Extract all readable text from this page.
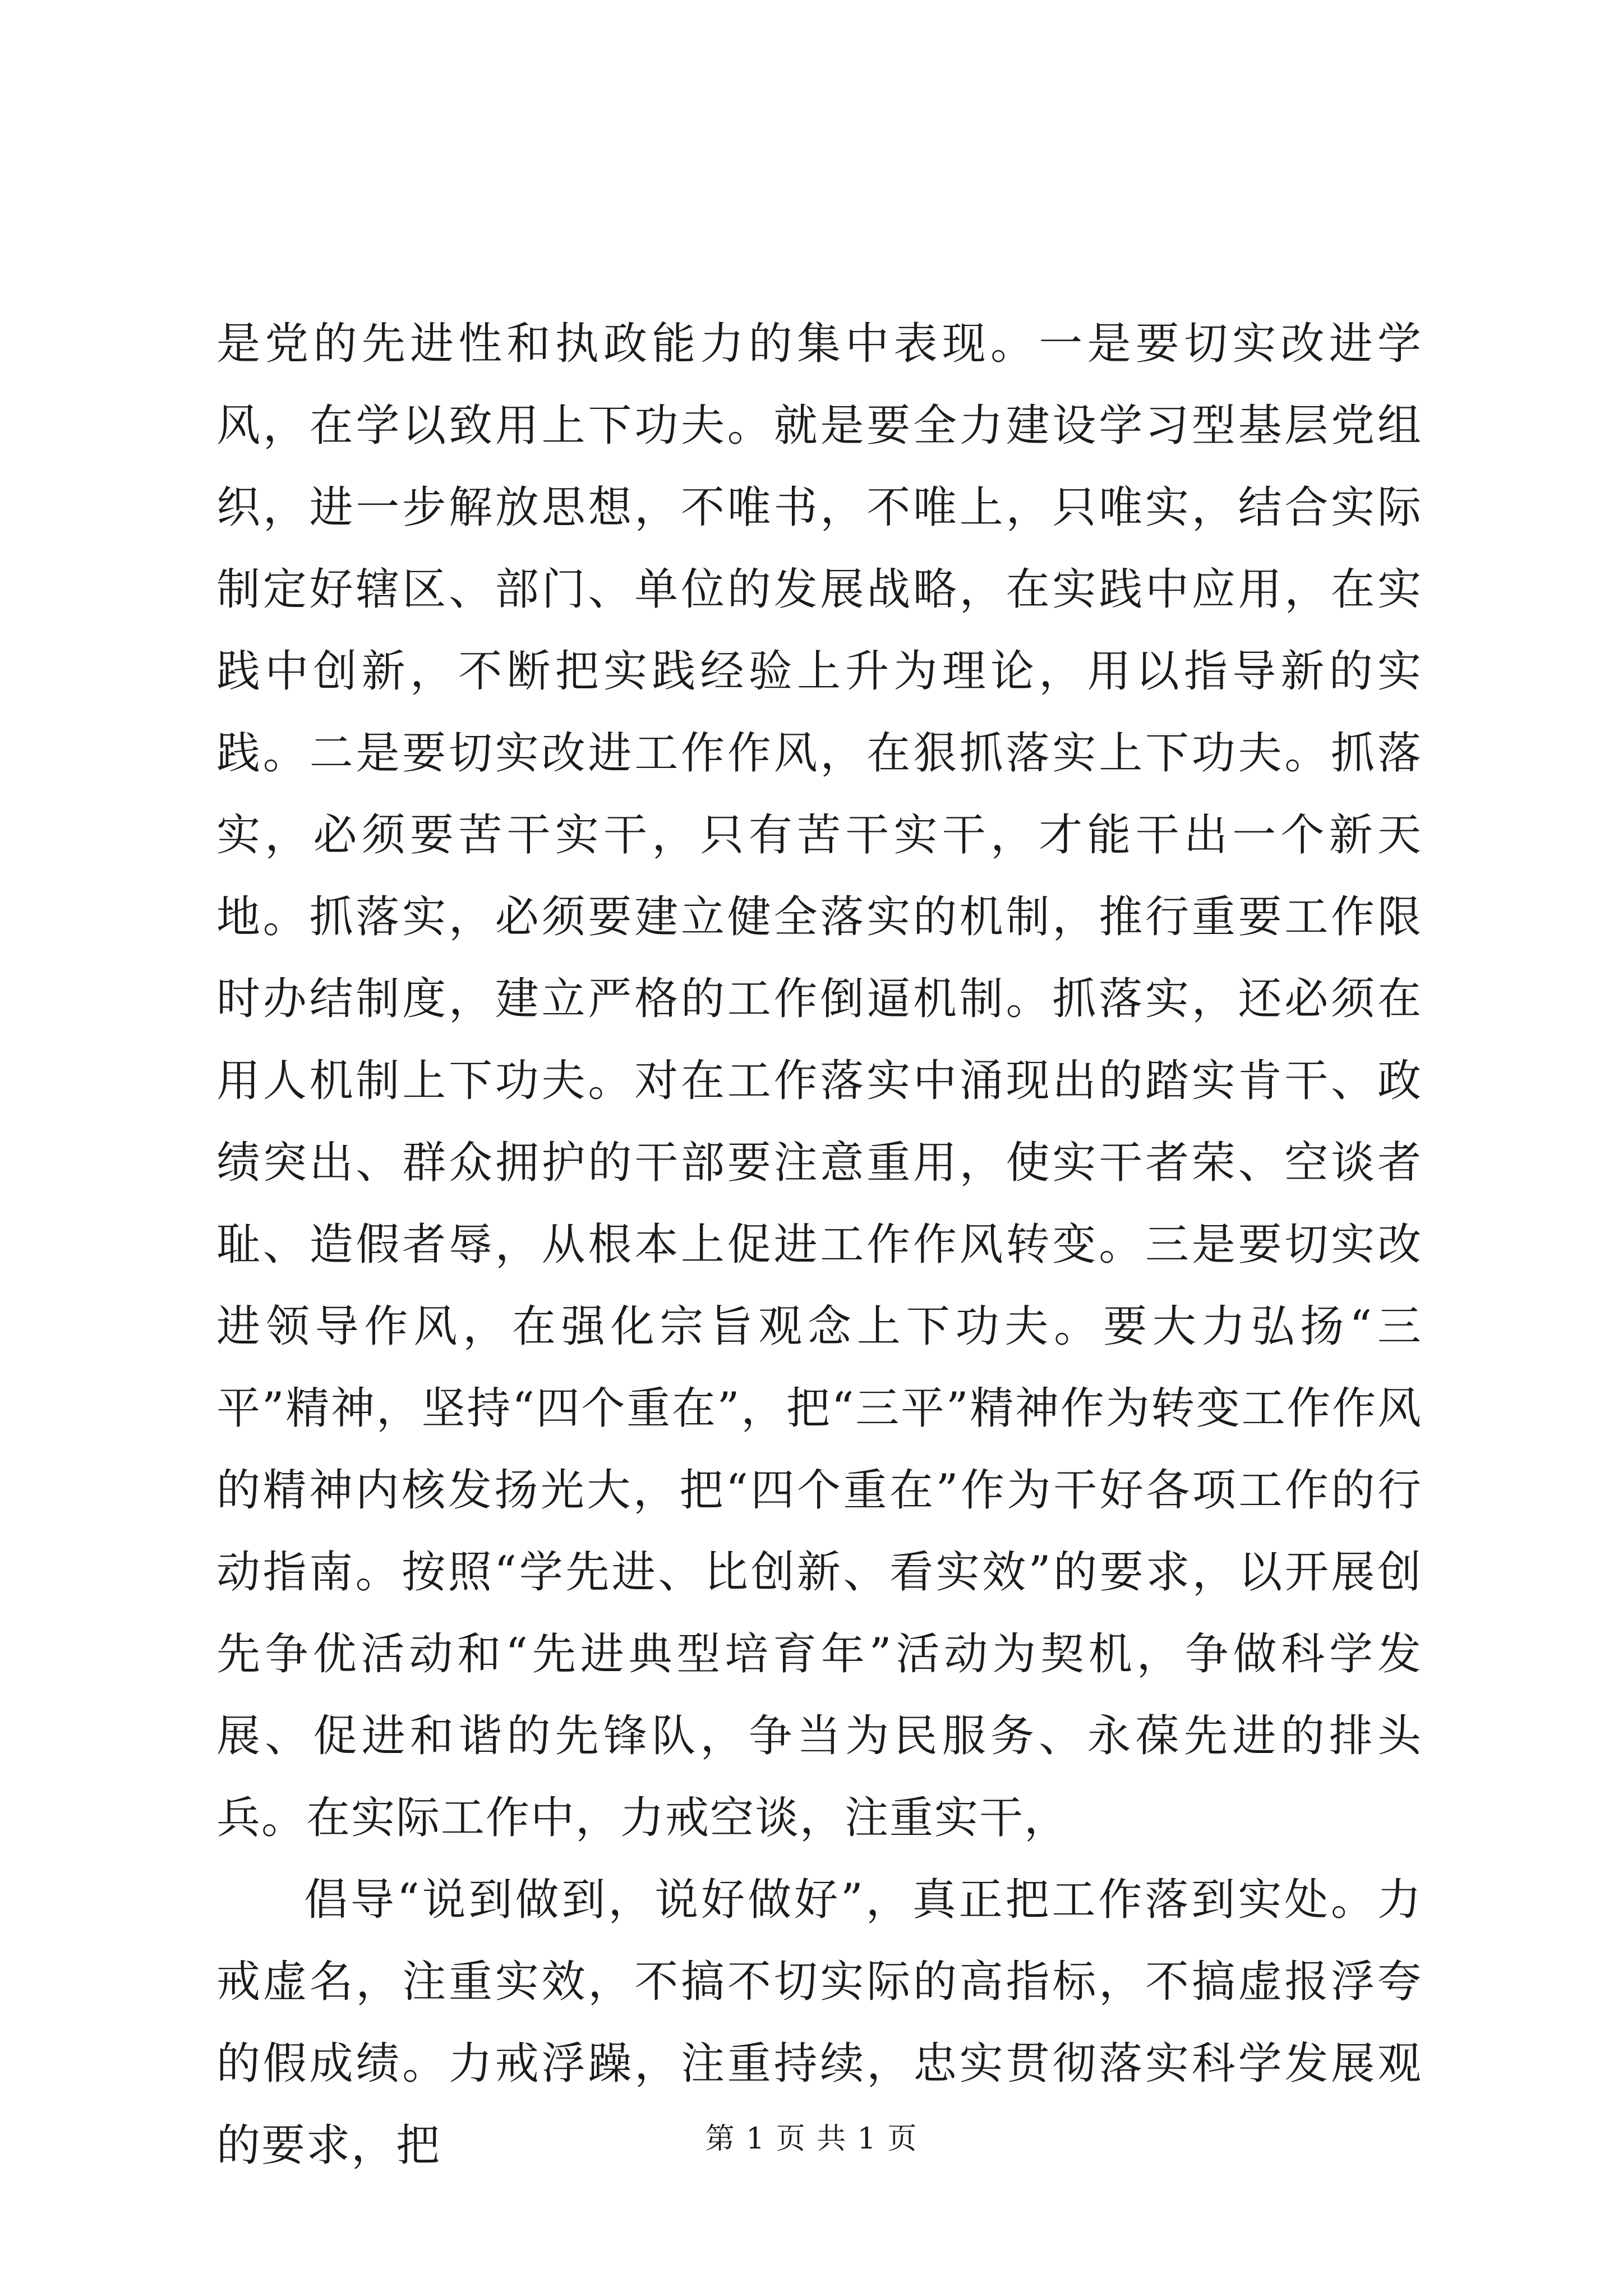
是党的先进性和执政能力的集中表现。一是要切实改进学风，在学以致用上下功夫。就是要全力建设学习型基层党组织，进一步解放思想，不唯书，不唯上，只唯实，结合实际制定好辖区、部门、单位的发展战略，在实践中应用，在实践中创新，不断把实践经验上升为理论，用以指导新的实践。二是要切实改进工作作风，在狠抓落实上下功夫。抓落实，必须要苦干实干，只有苦干实干，才能干出一个新天地。抓落实，必须要建立健全落实的机制，推行重要工作限时办结制度，建立严格的工作倒逼机制。抓落实，还必须在用人机制上下功夫。对在工作落实中涌现出的踏实肯干、政绩突出、群众拥护的干部要注意重用，使实干者荣、空谈者耻、造假者辱，从根本上促进工作作风转变。三是要切实改进领导作风，在强化宗旨观念上下功夫。要大力弘扬“三平”精神，坚持“四个重在”，把“三平”精神作为转变工作作风的精神内核发扬光大，把“四个重在”作为干好各项工作的行动指南。按照“学先进、比创新、看实效”的要求，以开展创先争优活动和“先进典型培育年”活动为契机，争做科学发展、促进和谐的先锋队，争当为民服务、永葆先进的排头兵。在实际工作中，力戒空谈，注重实干，

倡导“说到做到，说好做好”，真正把工作落到实处。力戒虚名，注重实效，不搞不切实际的高指标，不搞虚报浮夸的假成绩。力戒浮躁，注重持续，忠实贯彻落实科学发展观的要求，把	第 1 页 共 1 页
